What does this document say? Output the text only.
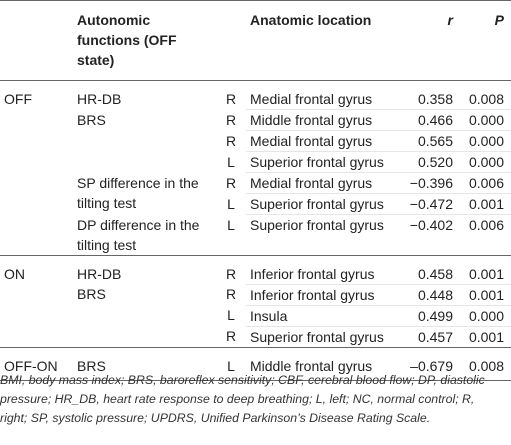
	Autonomic functions (OFF state)		Anatomic location	r	P
OFF	HR-DB	R	Medial frontal gyrus	0.358	0.008
	BRS	R	Middle frontal gyrus	0.466	0.000
		R	Medial frontal gyrus	0.565	0.000
		L	Superior frontal gyrus	0.520	0.000
	SP difference in the tilting test	R	Medial frontal gyrus	−0.396	0.006
		L	Superior frontal gyrus	−0.472	0.001
	DP difference in the tilting test	L	Superior frontal gyrus	−0.402	0.006
ON	HR-DB	R	Inferior frontal gyrus	0.458	0.001
	BRS	R	Inferior frontal gyrus	0.448	0.001
		L	Insula	0.499	0.000
		R	Superior frontal gyrus	0.457	0.001
OFF-ON	BRS	L	Middle frontal gyrus	–0.679	0.008
BMI, body mass index; BRS, baroreflex sensitivity; CBF, cerebral blood flow; DP, diastolic pressure; HR_DB, heart rate response to deep breathing; L, left; NC, normal control; R, right; SP, systolic pressure; UPDRS, Unified Parkinson’s Disease Rating Scale.
